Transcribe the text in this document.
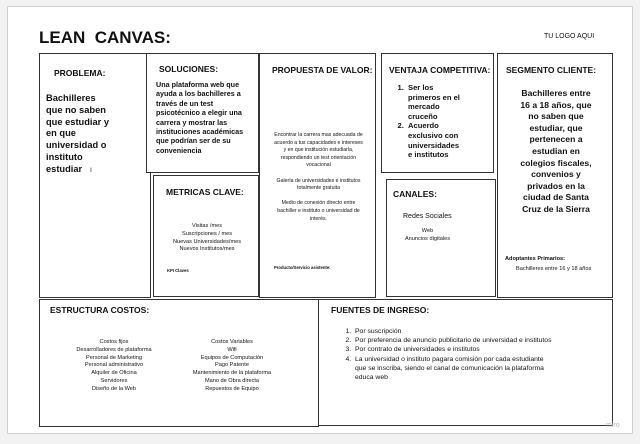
LEAN  CANVAS:	TU LOGO AQUI
PROBLEMA:
Bachilleres
que no saben
que estudiar y
en que
universidad o
instituto
estudiar I
SOLUCIONES:
Una plataforma web que
ayuda a los bachilleres a
través de un test
psicotécnico a elegir una
carrera y mostrar las
instituciones académicas
que podrían ser de su
conveniencia
METRICAS CLAVE:
Visitas /mes
Suscripciones / mes
Nuevas Universidades/mes
Nuevos Institutos/mes
KPI Claves
PROPUESTA DE VALOR:
Encontrar la carrera mas adecuada de
acuerdo a tus capacidades e intereses
y en que institución estudiarla,
respondiendo un test orientación
vocacional
Galería de universidades e institutos
totalmente gratuita
Medio de conexión directo entre
bachiller e instituto o universidad de
interés.
Producto/Servicio asistente:
VENTAJA COMPETITIVA:
1. Ser los
primeros en el
mercado
cruceño
2. Acuerdo
exclusivo con
universidades
e institutos
CANALES:
Redes Sociales
Web
Anuncios digitales
SEGMENTO CLIENTE:
Bachilleres entre
16 a 18 años, que
no saben que
estudiar, que
pertenecen a
estudian en
colegios fiscales,
convenios y
privados en la
ciudad de Santa
Cruz de la Sierra
Adoptantes Primarios:
Bachilleres entre 16 y 18 años
ESTRUCTURA COSTOS:
Costos fijos
Desarrolladores de plataforma
Personal de Marketing
Personal administrativo
Alquiler de Oficina
Servidores
Diseño de la Web
Costos Variables
Wifi
Equipos de Computación
Pago Patente
Mantenimiento de la plataforma
Mano de Obra directa
Repuestos de Equipo
FUENTES DE INGRESO:
1. Por suscripción
2. Por preferencia de anuncio publicitario de universidad e institutos
3. Por contrato de universidades e institutos
4. La universidad o instituto pagara comisión por cada estudiante
que se inscriba, siendo el canal de comunicación la plataforma
educa web
miro
